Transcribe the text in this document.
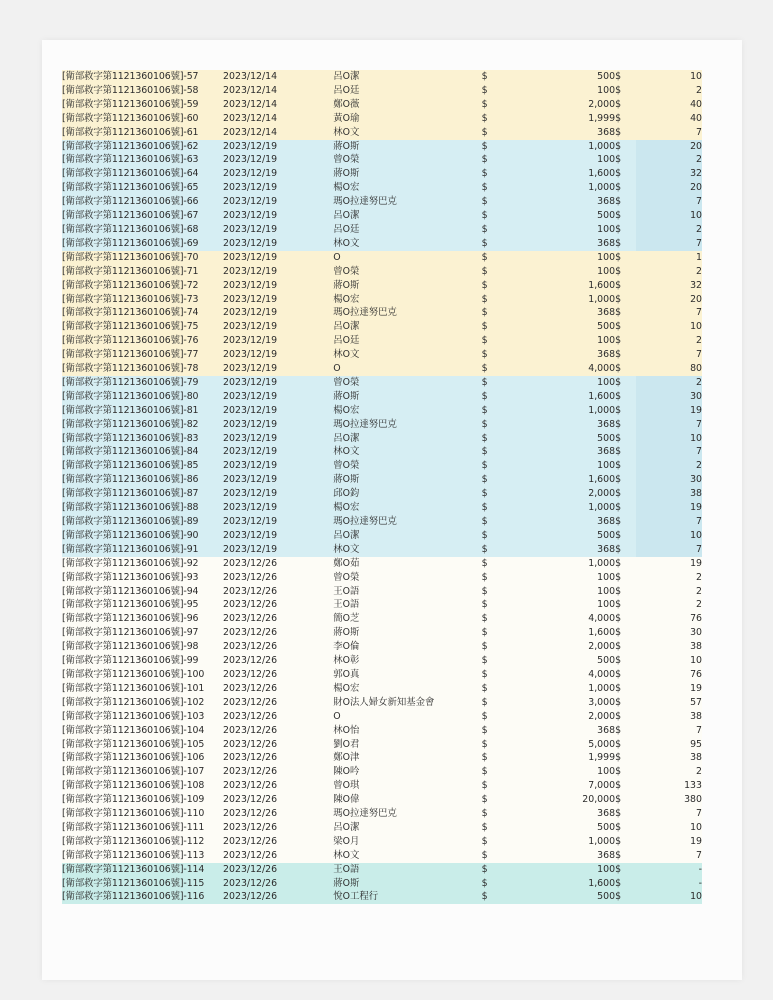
[衛部救字第1121360106號]-57	2023/12/14	呂O潔	$	500	$	10
[衛部救字第1121360106號]-58	2023/12/14	呂O廷	$	100	$	2
[衛部救字第1121360106號]-59	2023/12/14	鄭O薇	$	2,000	$	40
[衛部救字第1121360106號]-60	2023/12/14	黃O瑜	$	1,999	$	40
[衛部救字第1121360106號]-61	2023/12/14	林O文	$	368	$	7
[衛部救字第1121360106號]-62	2023/12/19	蔣O斯	$	1,000	$	20
[衛部救字第1121360106號]-63	2023/12/19	曾O榮	$	100	$	2
[衛部救字第1121360106號]-64	2023/12/19	蔣O斯	$	1,600	$	32
[衛部救字第1121360106號]-65	2023/12/19	楊O宏	$	1,000	$	20
[衛部救字第1121360106號]-66	2023/12/19	瑪O拉達努巴克	$	368	$	7
[衛部救字第1121360106號]-67	2023/12/19	呂O潔	$	500	$	10
[衛部救字第1121360106號]-68	2023/12/19	呂O廷	$	100	$	2
[衛部救字第1121360106號]-69	2023/12/19	林O文	$	368	$	7
[衛部救字第1121360106號]-70	2023/12/19	O	$	100	$	1
[衛部救字第1121360106號]-71	2023/12/19	曾O榮	$	100	$	2
[衛部救字第1121360106號]-72	2023/12/19	蔣O斯	$	1,600	$	32
[衛部救字第1121360106號]-73	2023/12/19	楊O宏	$	1,000	$	20
[衛部救字第1121360106號]-74	2023/12/19	瑪O拉達努巴克	$	368	$	7
[衛部救字第1121360106號]-75	2023/12/19	呂O潔	$	500	$	10
[衛部救字第1121360106號]-76	2023/12/19	呂O廷	$	100	$	2
[衛部救字第1121360106號]-77	2023/12/19	林O文	$	368	$	7
[衛部救字第1121360106號]-78	2023/12/19	O	$	4,000	$	80
[衛部救字第1121360106號]-79	2023/12/19	曾O榮	$	100	$	2
[衛部救字第1121360106號]-80	2023/12/19	蔣O斯	$	1,600	$	30
[衛部救字第1121360106號]-81	2023/12/19	楊O宏	$	1,000	$	19
[衛部救字第1121360106號]-82	2023/12/19	瑪O拉達努巴克	$	368	$	7
[衛部救字第1121360106號]-83	2023/12/19	呂O潔	$	500	$	10
[衛部救字第1121360106號]-84	2023/12/19	林O文	$	368	$	7
[衛部救字第1121360106號]-85	2023/12/19	曾O榮	$	100	$	2
[衛部救字第1121360106號]-86	2023/12/19	蔣O斯	$	1,600	$	30
[衛部救字第1121360106號]-87	2023/12/19	邱O鈞	$	2,000	$	38
[衛部救字第1121360106號]-88	2023/12/19	楊O宏	$	1,000	$	19
[衛部救字第1121360106號]-89	2023/12/19	瑪O拉達努巴克	$	368	$	7
[衛部救字第1121360106號]-90	2023/12/19	呂O潔	$	500	$	10
[衛部救字第1121360106號]-91	2023/12/19	林O文	$	368	$	7
[衛部救字第1121360106號]-92	2023/12/26	鄭O茹	$	1,000	$	19
[衛部救字第1121360106號]-93	2023/12/26	曾O榮	$	100	$	2
[衛部救字第1121360106號]-94	2023/12/26	王O語	$	100	$	2
[衛部救字第1121360106號]-95	2023/12/26	王O語	$	100	$	2
[衛部救字第1121360106號]-96	2023/12/26	簡O芝	$	4,000	$	76
[衛部救字第1121360106號]-97	2023/12/26	蔣O斯	$	1,600	$	30
[衛部救字第1121360106號]-98	2023/12/26	李O倫	$	2,000	$	38
[衛部救字第1121360106號]-99	2023/12/26	林O彰	$	500	$	10
[衛部救字第1121360106號]-100	2023/12/26	郭O真	$	4,000	$	76
[衛部救字第1121360106號]-101	2023/12/26	楊O宏	$	1,000	$	19
[衛部救字第1121360106號]-102	2023/12/26	財O法人婦女新知基金會	$	3,000	$	57
[衛部救字第1121360106號]-103	2023/12/26	O	$	2,000	$	38
[衛部救字第1121360106號]-104	2023/12/26	林O怡	$	368	$	7
[衛部救字第1121360106號]-105	2023/12/26	劉O君	$	5,000	$	95
[衛部救字第1121360106號]-106	2023/12/26	鄭O津	$	1,999	$	38
[衛部救字第1121360106號]-107	2023/12/26	陳O吟	$	100	$	2
[衛部救字第1121360106號]-108	2023/12/26	曾O琪	$	7,000	$	133
[衛部救字第1121360106號]-109	2023/12/26	陳O偉	$	20,000	$	380
[衛部救字第1121360106號]-110	2023/12/26	瑪O拉達努巴克	$	368	$	7
[衛部救字第1121360106號]-111	2023/12/26	呂O潔	$	500	$	10
[衛部救字第1121360106號]-112	2023/12/26	梁O月	$	1,000	$	19
[衛部救字第1121360106號]-113	2023/12/26	林O文	$	368	$	7
[衛部救字第1121360106號]-114	2023/12/26	王O語	$	100	$	-
[衛部救字第1121360106號]-115	2023/12/26	蔣O斯	$	1,600	$	-
[衛部救字第1121360106號]-116	2023/12/26	悅O工程行	$	500	$	10
